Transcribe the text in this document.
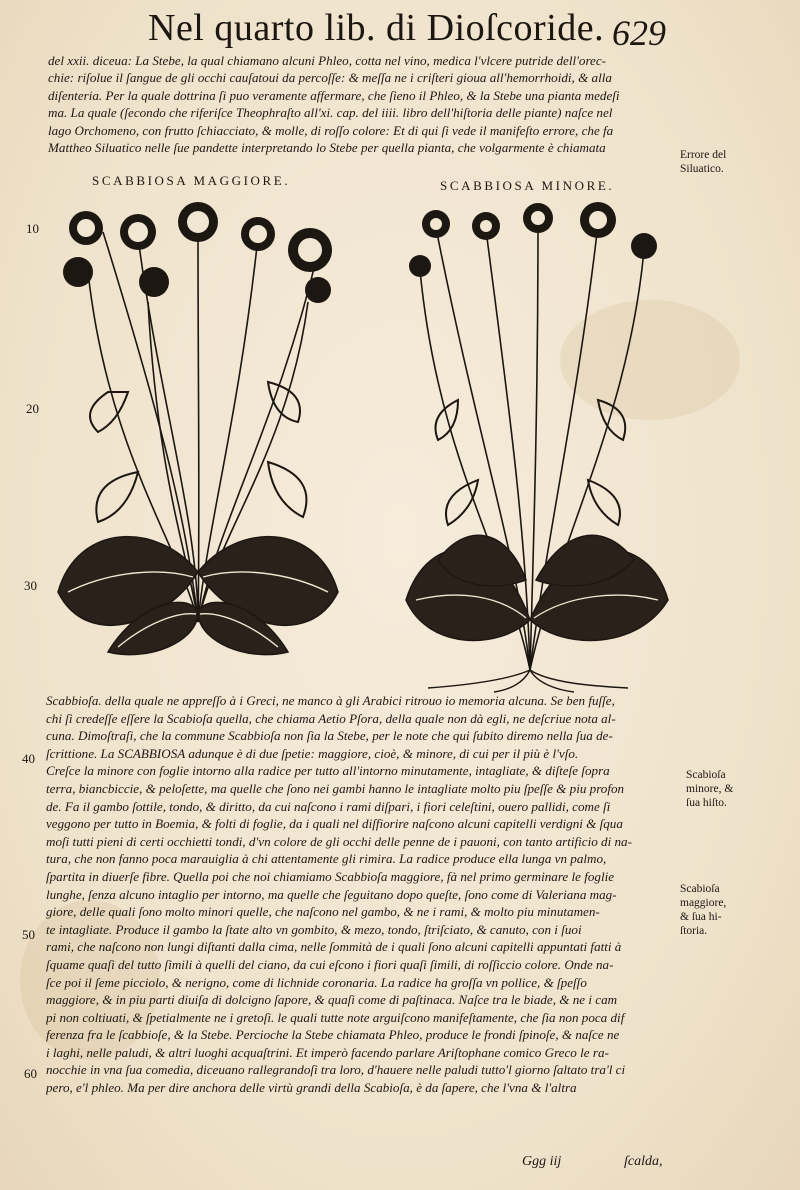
Nel quarto lib. di Dioſcoride. 629
del xxii. diceua: La Stebe, la qual chiamano alcuni Phleo, cotta nel vino, medica l'vlcere putride dell'orec-
chie: riſolue il ſangue de gli occhi cauſatoui da percoſſe: & meſſa ne i criſteri gioua all'hemorrhoidi, & alla
diſenteria. Per la quale dottrina ſi puo veramente affermare, che ſieno il Phleo, & la Stebe una pianta medeſi
ma. La quale (ſecondo che riferiſce Theophraſto all'xi. cap. del iiii. libro dell'hiſtoria delle piante) naſce nel
lago Orchomeno, con frutto ſchiacciato, & molle, di roſſo colore: Et di qui ſi vede il manifeſto errore, che fa
Mattheo Siluatico nelle ſue pandette interpretando lo Stebe per quella pianta, che volgarmente è chiamata	Errore del
Siluatico.
SCABBIOSA MAGGIORE.	SCABBIOSA MINORE.
10
20
30
40
50
60
Scabbioſa. della quale ne appreſſo à i Greci, ne manco à gli Arabici ritrouo io memoria alcuna. Se ben fuſſe,
chi ſi credeſſe eſſere la Scabioſa quella, che chiama Aetio Pſora, della quale non dà egli, ne deſcriue nota al-
cuna. Dimoſtraſi, che la commune Scabbioſa non ſia la Stebe, per le note che qui ſubito diremo nella ſua de-
ſcrittione. La SCABBIOSA adunque è di due ſpetie: maggiore, cioè, & minore, di cui per il più è l'vſo.
Creſce la minore con foglie intorno alla radice per tutto all'intorno minutamente, intagliate, & diſteſe ſopra
terra, biancbiccie, & peloſette, ma quelle che ſono nei gambi hanno le intagliate molto piu ſpeſſe & piu profon
de. Fa il gambo ſottile, tondo, & diritto, da cui naſcono i rami diſpari, i fiori celeſtini, ouero pallidi, come ſi
veggono per tutto in Boemia, & folti di foglie, da i quali nel diſfiorire naſcono alcuni capitelli verdigni & ſqua
moſi tutti pieni di certi occhietti tondi, d'vn colore de gli occhi delle penne de i pauoni, con tanto artificio di na-
tura, che non fanno poca marauiglia à chi attentamente gli rimira. La radice produce ella lunga vn palmo,
ſpartita in diuerſe fibre. Quella poi che noi chiamiamo Scabbioſa maggiore, fà nel primo germinare le foglie
lunghe, ſenza alcuno intaglio per intorno, ma quelle che ſeguitano dopo queſte, ſono come di Valeriana mag-
giore, delle quali ſono molto minori quelle, che naſcono nel gambo, & ne i rami, & molto piu minutamen-
te intagliate. Produce il gambo la ſtate alto vn gombito, & mezo, tondo, ſtriſciato, & canuto, con i ſuoi
rami, che naſcono non lungi diſtanti dalla cima, nelle ſommità de i quali ſono alcuni capitelli appuntati fatti à
ſquame quaſi del tutto ſimili à quelli del ciano, da cui eſcono i fiori quaſi ſimili, di roſſiccio colore. Onde na-
ſce poi il ſeme picciolo, & nerigno, come di lichnide coronaria. La radice ha groſſa vn pollice, & ſpeſſo
maggiore, & in piu parti diuiſa di dolcigno ſapore, & quaſi come di paſtinaca. Naſce tra le biade, & ne i cam
pi non coltiuati, & ſpetialmente ne i gretoſi. le quali tutte note arguiſcono manifeſtamente, che ſia non poca dif
ferenza fra le ſcabbioſe, & la Stebe. Percioche la Stebe chiamata Phleo, produce le frondi ſpinoſe, & naſce ne
i laghi, nelle paludi, & altri luoghi acquaſtrini. Et imperò facendo parlare Ariſtophane comico Greco le ra-
nocchie in vna ſua comedia, diceuano rallegrandoſi tra loro, d'hauere nelle paludi tutto'l giorno ſaltato tra'l ci
pero, e'l phleo. Ma per dire anchora delle virtù grandi della Scabioſa, è da ſapere, che l'vna & l'altra
Scabioſa
minore, &
ſua hiſto.
Scabioſa
maggiore,
& ſua hi-
ſtoria.
Ggg iij	ſcalda,
